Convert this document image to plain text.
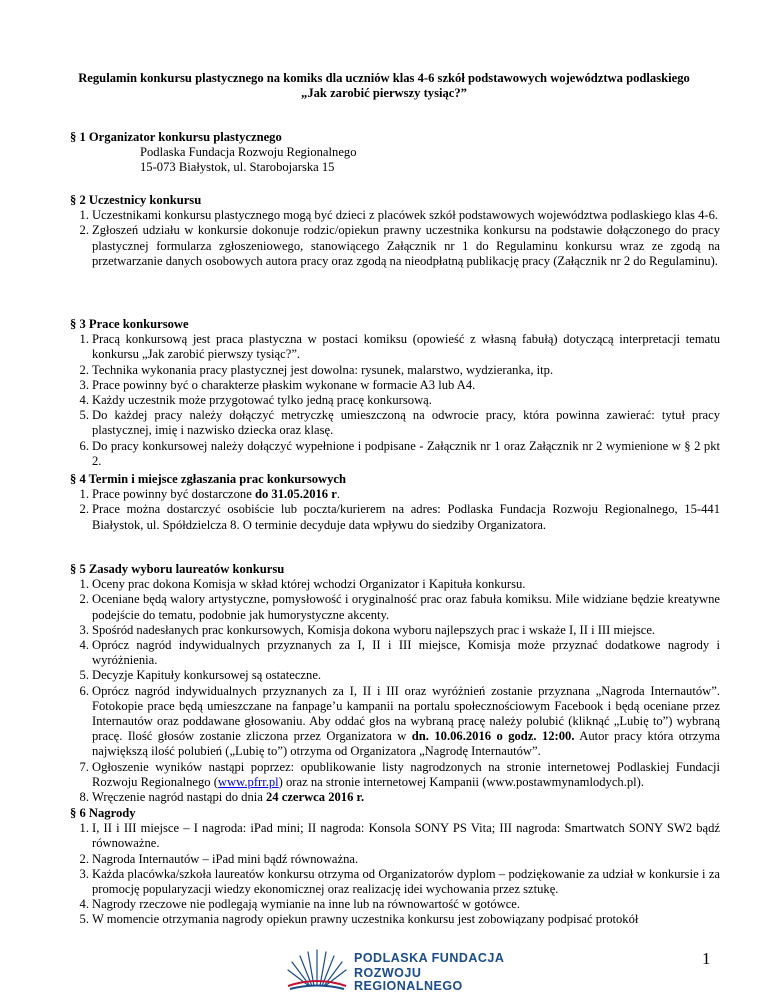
Regulamin konkursu plastycznego na komiks dla uczniów klas 4-6 szkół podstawowych województwa podlaskiego
„Jak zarobić pierwszy tysiąc?”
§ 1 Organizator konkursu plastycznego
Podlaska Fundacja Rozwoju Regionalnego
15-073 Białystok, ul. Starobojarska 15
§ 2 Uczestnicy konkursu
1. Uczestnikami konkursu plastycznego mogą być dzieci z placówek szkół podstawowych województwa podlaskiego klas 4-6.
2. Zgłoszeń udziału w konkursie dokonuje rodzic/opiekun prawny uczestnika konkursu na podstawie dołączonego do pracy plastycznej formularza zgłoszeniowego, stanowiącego Załącznik nr 1 do Regulaminu konkursu wraz ze zgodą na przetwarzanie danych osobowych autora pracy oraz zgodą na nieodpłatną publikację pracy (Załącznik nr 2 do Regulaminu).
§ 3 Prace konkursowe
1. Pracą konkursową jest praca plastyczna w postaci komiksu (opowieść z własną fabułą) dotyczącą interpretacji tematu konkursu „Jak zarobić pierwszy tysiąc?”.
2. Technika wykonania pracy plastycznej jest dowolna: rysunek, malarstwo, wydzieranka, itp.
3. Prace powinny być o charakterze płaskim wykonane w formacie A3 lub A4.
4. Każdy uczestnik może przygotować tylko jedną pracę konkursową.
5. Do każdej pracy należy dołączyć metryczkę umieszczoną na odwrocie pracy, która powinna zawierać: tytuł pracy plastycznej, imię i nazwisko dziecka oraz klasę.
6. Do pracy konkursowej należy dołączyć wypełnione i podpisane - Załącznik nr 1 oraz Załącznik nr 2 wymienione w § 2 pkt 2.
§ 4 Termin i miejsce zgłaszania prac konkursowych
1. Prace powinny być dostarczone do 31.05.2016 r.
2. Prace można dostarczyć osobiście lub poczta/kurierem na adres: Podlaska Fundacja Rozwoju Regionalnego, 15-441 Białystok, ul. Spółdzielcza 8. O terminie decyduje data wpływu do siedziby Organizatora.
§ 5 Zasady wyboru laureatów konkursu
1. Oceny prac dokona Komisja w skład której wchodzi Organizator i Kapituła konkursu.
2. Oceniane będą walory artystyczne, pomysłowość i oryginalność prac oraz fabuła komiksu. Mile widziane będzie kreatywne podejście do tematu, podobnie jak humorystyczne akcenty.
3. Spośród nadesłanych prac konkursowych, Komisja dokona wyboru najlepszych prac i wskaże I, II i III miejsce.
4. Oprócz nagród indywidualnych przyznanych za I, II i III miejsce, Komisja może przyznać dodatkowe nagrody i wyróżnienia.
5. Decyzje Kapituły konkursowej są ostateczne.
6. Oprócz nagród indywidualnych przyznanych za I, II i III oraz wyróżnień zostanie przyznana „Nagroda Internautów”. Fotokopie prace będą umieszczane na fanpage’u kampanii na portalu społecznościowym Facebook i będą oceniane przez Internautów oraz poddawane głosowaniu. Aby oddać głos na wybraną pracę należy polubić (kliknąć „Lubię to”) wybraną pracę. Ilość głosów zostanie zliczona przez Organizatora w dn. 10.06.2016 o godz. 12:00. Autor pracy która otrzyma największą ilość polubień („Lubię to”) otrzyma od Organizatora „Nagrodę Internautów”.
7. Ogłoszenie wyników nastąpi poprzez: opublikowanie listy nagrodzonych na stronie internetowej Podlaskiej Fundacji Rozwoju Regionalnego (www.pfrr.pl) oraz na stronie internetowej Kampanii (www.postawmynamlodych.pl).
8. Wręczenie nagród nastąpi do dnia 24 czerwca 2016 r.
§ 6 Nagrody
1. I, II i III miejsce – I nagroda: iPad mini; II nagroda: Konsola SONY PS Vita; III nagroda: Smartwatch SONY SW2 bądź równoważne.
2. Nagroda Internautów – iPad mini bądź równoważna.
3. Każda placówka/szkoła laureatów konkursu otrzyma od Organizatorów dyplom – podziękowanie za udział w konkursie i za promocję popularyzacji wiedzy ekonomicznej oraz realizację idei wychowania przez sztukę.
4. Nagrody rzeczowe nie podlegają wymianie na inne lub na równowartość w gotówce.
5. W momencie otrzymania nagrody opiekun prawny uczestnika konkursu jest zobowiązany podpisać protokół
PODLASKA FUNDACJA
ROZWOJU REGIONALNEGO
1
